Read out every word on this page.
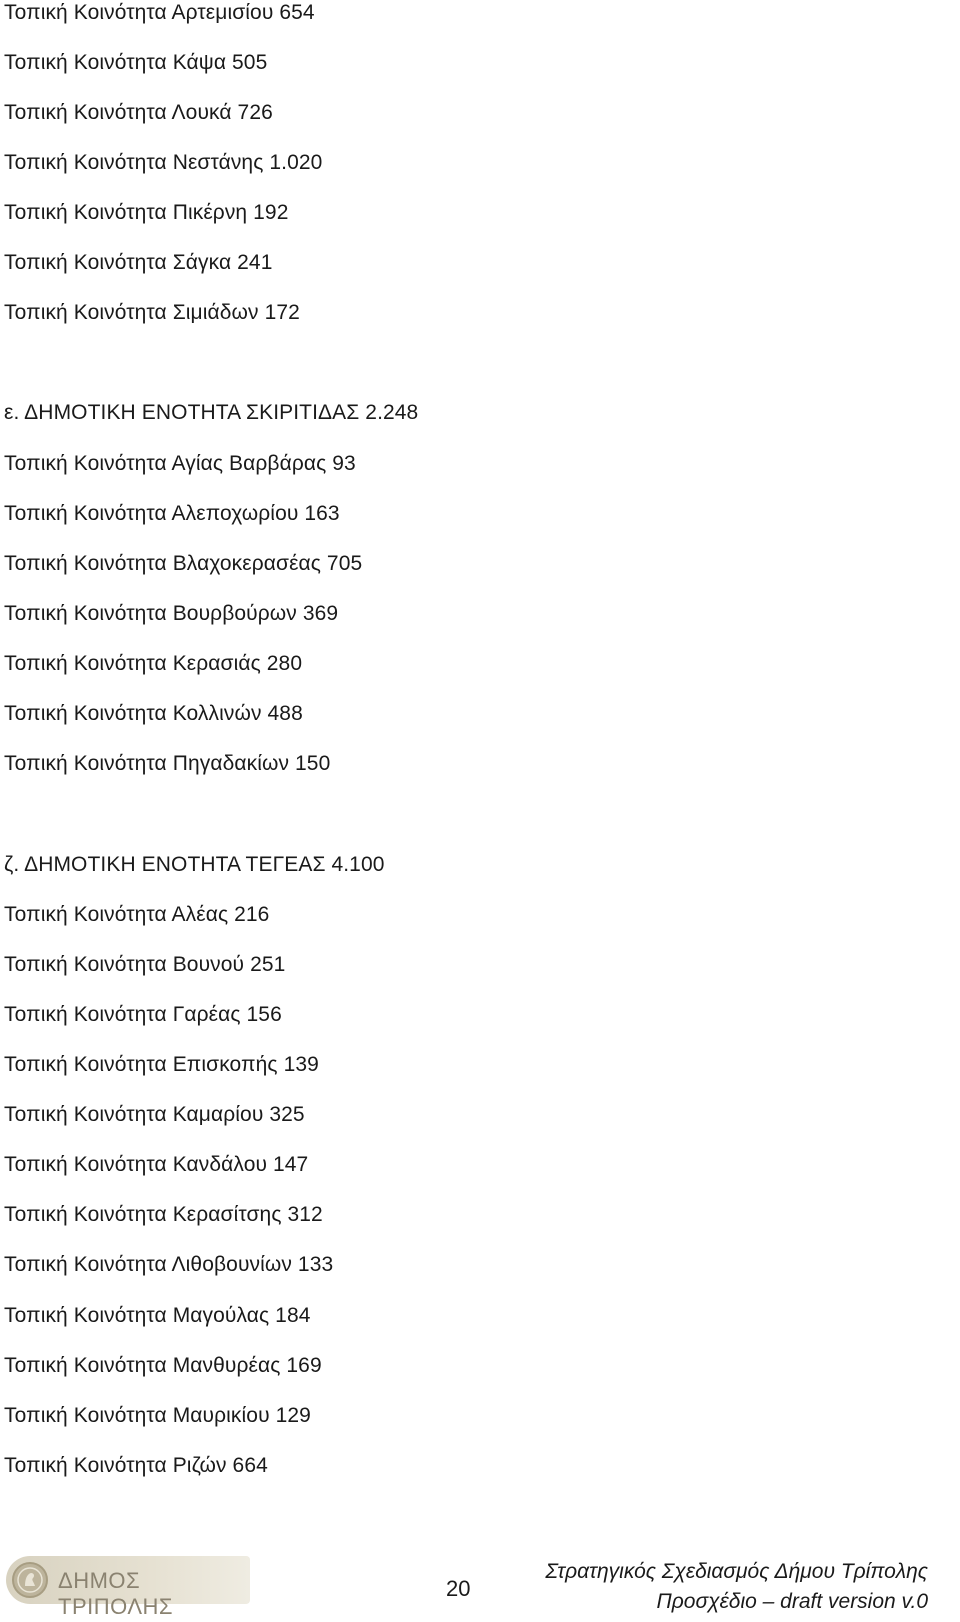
Τοπική Κοινότητα Αρτεμισίου 654
Τοπική Κοινότητα Κάψα 505
Τοπική Κοινότητα Λουκά 726
Τοπική Κοινότητα Νεστάνης 1.020
Τοπική Κοινότητα Πικέρνη 192
Τοπική Κοινότητα Σάγκα 241
Τοπική Κοινότητα Σιμιάδων 172
ε. ΔΗΜΟΤΙΚΗ ΕΝΟΤΗΤΑ ΣΚΙΡΙΤΙΔΑΣ 2.248
Τοπική Κοινότητα Αγίας Βαρβάρας 93
Τοπική Κοινότητα Αλεποχωρίου 163
Τοπική Κοινότητα Βλαχοκερασέας 705
Τοπική Κοινότητα Βουρβούρων 369
Τοπική Κοινότητα Κερασιάς 280
Τοπική Κοινότητα Κολλινών 488
Τοπική Κοινότητα Πηγαδακίων 150
ζ. ΔΗΜΟΤΙΚΗ ΕΝΟΤΗΤΑ ΤΕΓΕΑΣ 4.100
Τοπική Κοινότητα Αλέας 216
Τοπική Κοινότητα Βουνού 251
Τοπική Κοινότητα Γαρέας 156
Τοπική Κοινότητα Επισκοπής 139
Τοπική Κοινότητα Καμαρίου 325
Τοπική Κοινότητα Κανδάλου 147
Τοπική Κοινότητα Κερασίτσης 312
Τοπική Κοινότητα Λιθοβουνίων 133
Τοπική Κοινότητα Μαγούλας 184
Τοπική Κοινότητα Μανθυρέας 169
Τοπική Κοινότητα Μαυρικίου 129
Τοπική Κοινότητα Ριζών 664
ΔΗΜΟΣ ΤΡΙΠΟΛΗΣ
20
Στρατηγικός Σχεδιασμός Δήμου Τρίπολης
Προσχέδιο – draft version v.0
